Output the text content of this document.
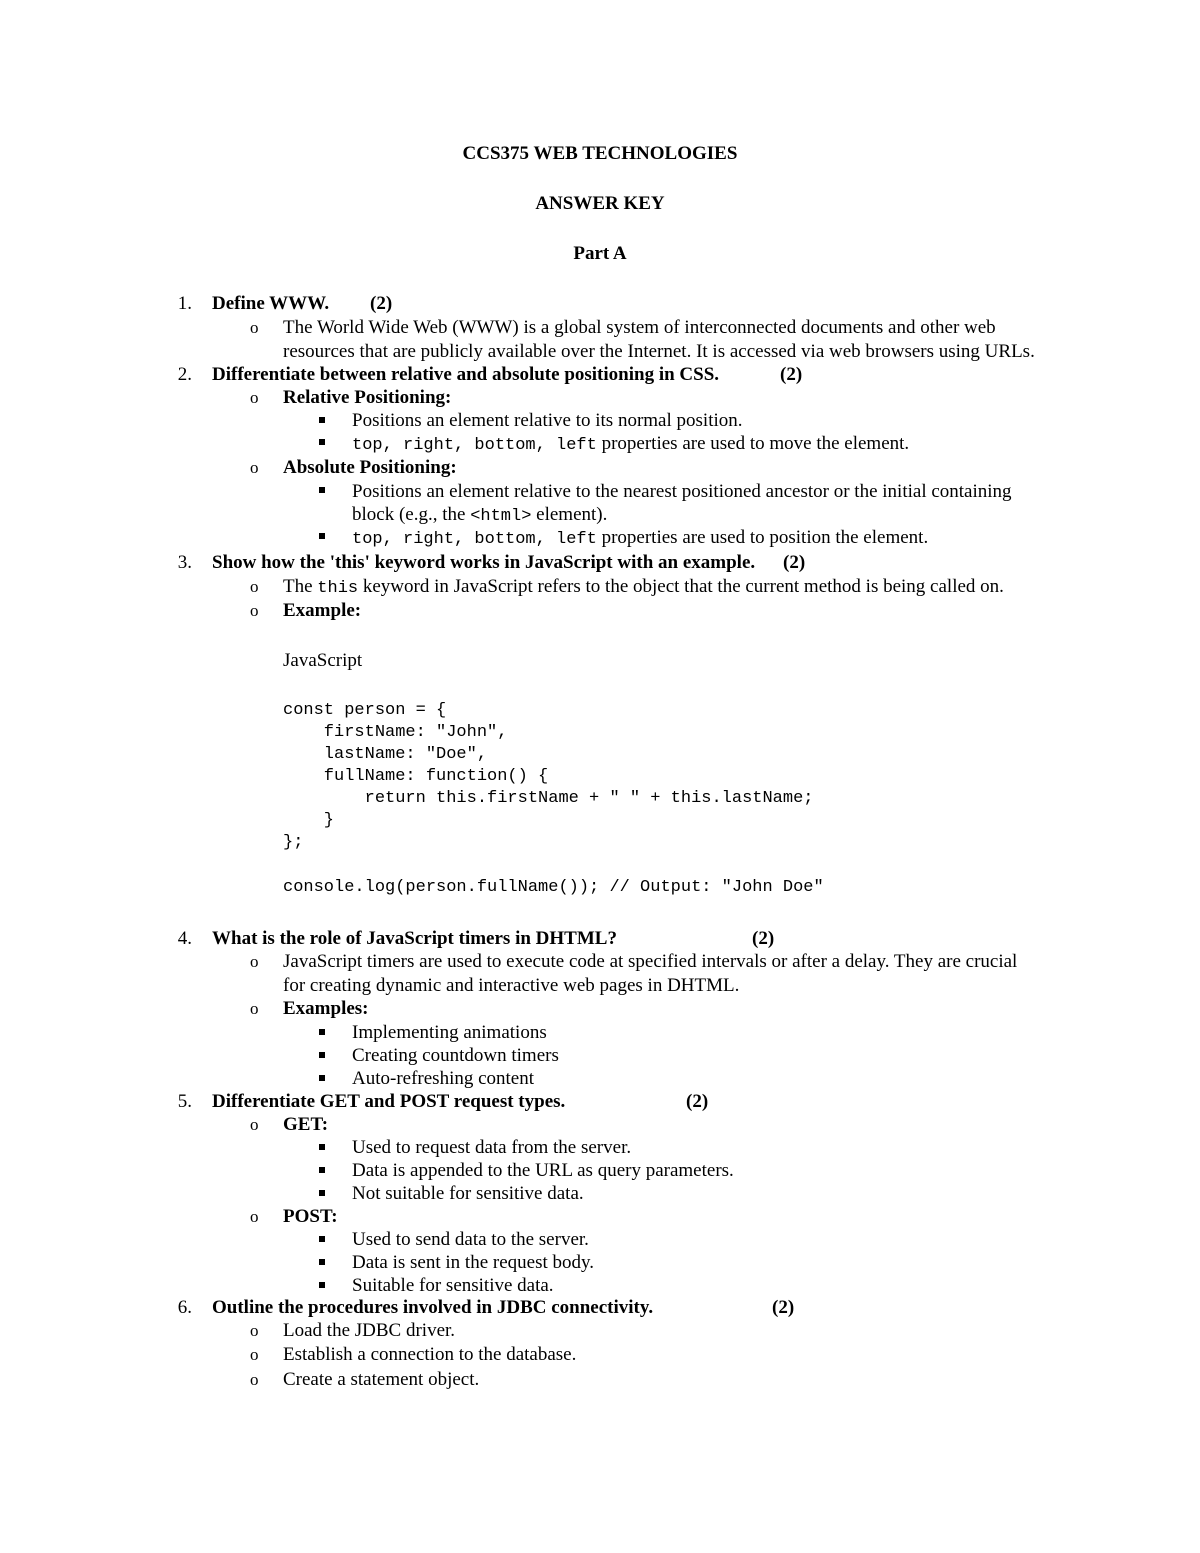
CCS375 WEB TECHNOLOGIES
ANSWER KEY
Part A
1. Define WWW. (2)
o The World Wide Web (WWW) is a global system of interconnected documents and other web
resources that are publicly available over the Internet. It is accessed via web browsers using URLs.
2. Differentiate between relative and absolute positioning in CSS.	(2)
o Relative Positioning:
Positions an element relative to its normal position.
top, right, bottom, left properties are used to move the element.
o Absolute Positioning:
Positions an element relative to the nearest positioned ancestor or the initial containing
block (e.g., the <html> element).
top, right, bottom, left properties are used to position the element.
3. Show how the 'this' keyword works in JavaScript with an example. (2)
o The this keyword in JavaScript refers to the object that the current method is being called on.
o Example:
JavaScript
const person = {
firstName: "John",
lastName: "Doe",
fullName: function() {
return this.firstName + " " + this.lastName;
}
};
console.log(person.fullName()); // Output: "John Doe"
4. What is the role of JavaScript timers in DHTML?	(2)
o JavaScript timers are used to execute code at specified intervals or after a delay. They are crucial
for creating dynamic and interactive web pages in DHTML.
o Examples:
Implementing animations
Creating countdown timers
Auto-refreshing content
5. Differentiate GET and POST request types.	(2)
o GET:
Used to request data from the server.
Data is appended to the URL as query parameters.
Not suitable for sensitive data.
o POST:
Used to send data to the server.
Data is sent in the request body.
Suitable for sensitive data.
6. Outline the procedures involved in JDBC connectivity.	(2)
o Load the JDBC driver.
o Establish a connection to the database.
o Create a statement object.
